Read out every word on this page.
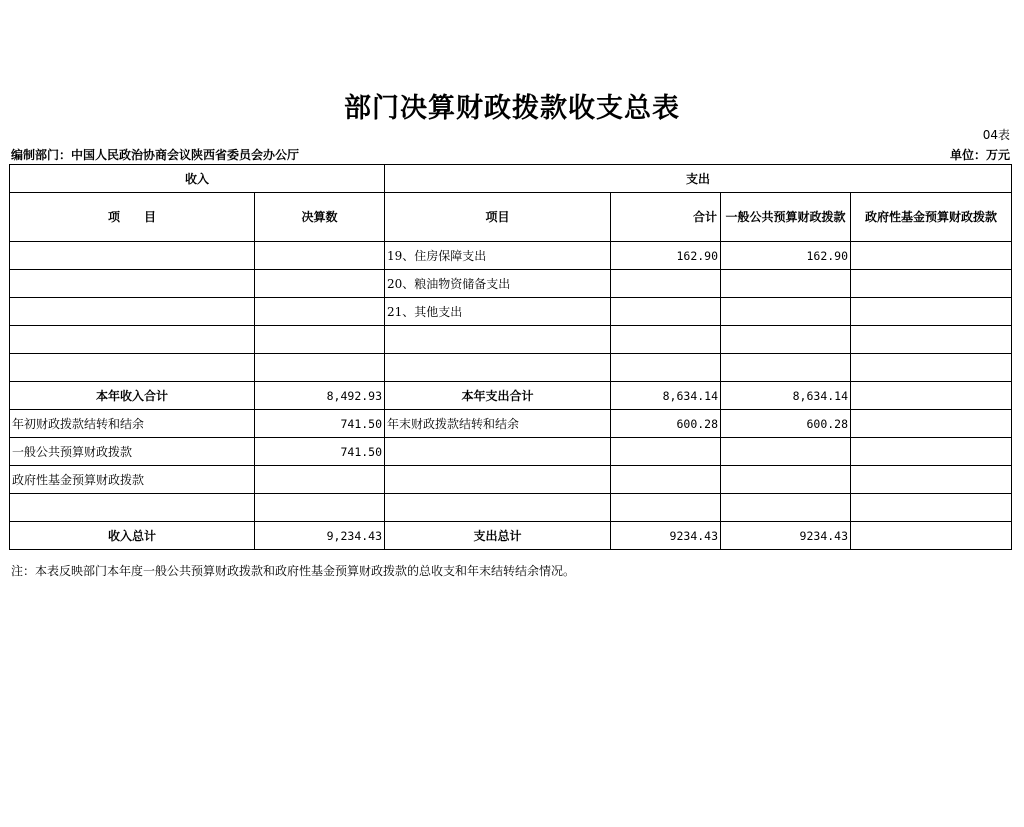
部门决算财政拨款收支总表
04表
编制部门：中国人民政治协商会议陕西省委员会办公厅	单位：万元
收入		支出			
项　　目	决算数	项目	合计	一般公共预算财政拨款	政府性基金预算财政拨款
		19、住房保障支出	162.90	162.90	
		20、粮油物资储备支出			
		21、其他支出			

本年收入合计	8,492.93	本年支出合计	8,634.14	8,634.14	
年初财政拨款结转和结余	741.50	年末财政拨款结转和结余	600.28	600.28	
一般公共预算财政拨款	741.50				
政府性基金预算财政拨款					

收入总计	9,234.43	支出总计	9234.43	9234.43	
注：本表反映部门本年度一般公共预算财政拨款和政府性基金预算财政拨款的总收支和年末结转结余情况。
